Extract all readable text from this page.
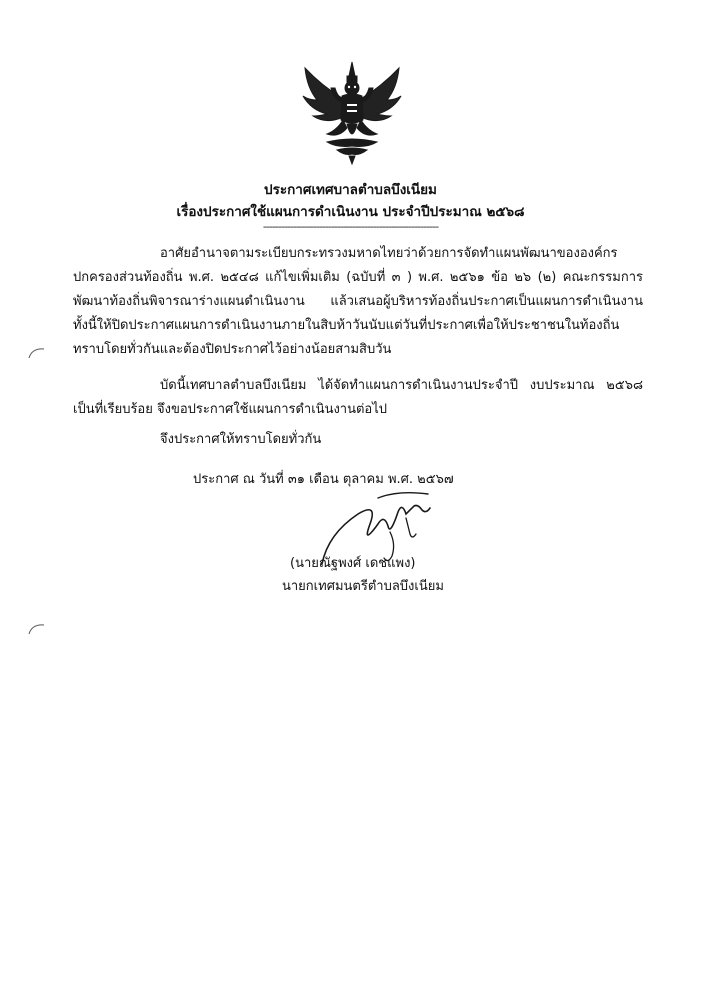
ประกาศเทศบาลตำบลบึงเนียม
เรื่องประกาศใช้แผนการดำเนินงาน ประจำปีประมาณ ๒๕๖๘
-----------------------------------------------------------
อาศัยอำนาจตามระเบียบกระทรวงมหาดไทยว่าด้วยการจัดทำแผนพัฒนาขององค์กรปกครองส่วนท้องถิ่น พ.ศ. ๒๕๔๘ แก้ไขเพิ่มเติม (ฉบับที่ ๓ ) พ.ศ. ๒๕๖๑ ข้อ ๒๖ (๒) คณะกรรมการพัฒนาท้องถิ่นพิจารณาร่างแผนดำเนินงาน แล้วเสนอผู้บริหารท้องถิ่นประกาศเป็นแผนการดำเนินงาน ทั้งนี้ให้ปิดประกาศแผนการดำเนินงานภายในสิบห้าวันนับแต่วันที่ประกาศเพื่อให้ประชาชนในท้องถิ่นทราบโดยทั่วกันและต้องปิดประกาศไว้อย่างน้อยสามสิบวัน
บัดนี้เทศบาลตำบลบึงเนียม ได้จัดทำแผนการดำเนินงานประจำปี งบประมาณ ๒๕๖๘ เป็นที่เรียบร้อย จึงขอประกาศใช้แผนการดำเนินงานต่อไป
จึงประกาศให้ทราบโดยทั่วกัน
ประกาศ ณ วันที่ ๓๑ เดือน ตุลาคม พ.ศ. ๒๕๖๗
(นายณัฐพงศ์ เดชแพง)
นายกเทศมนตรีตำบลบึงเนียม
